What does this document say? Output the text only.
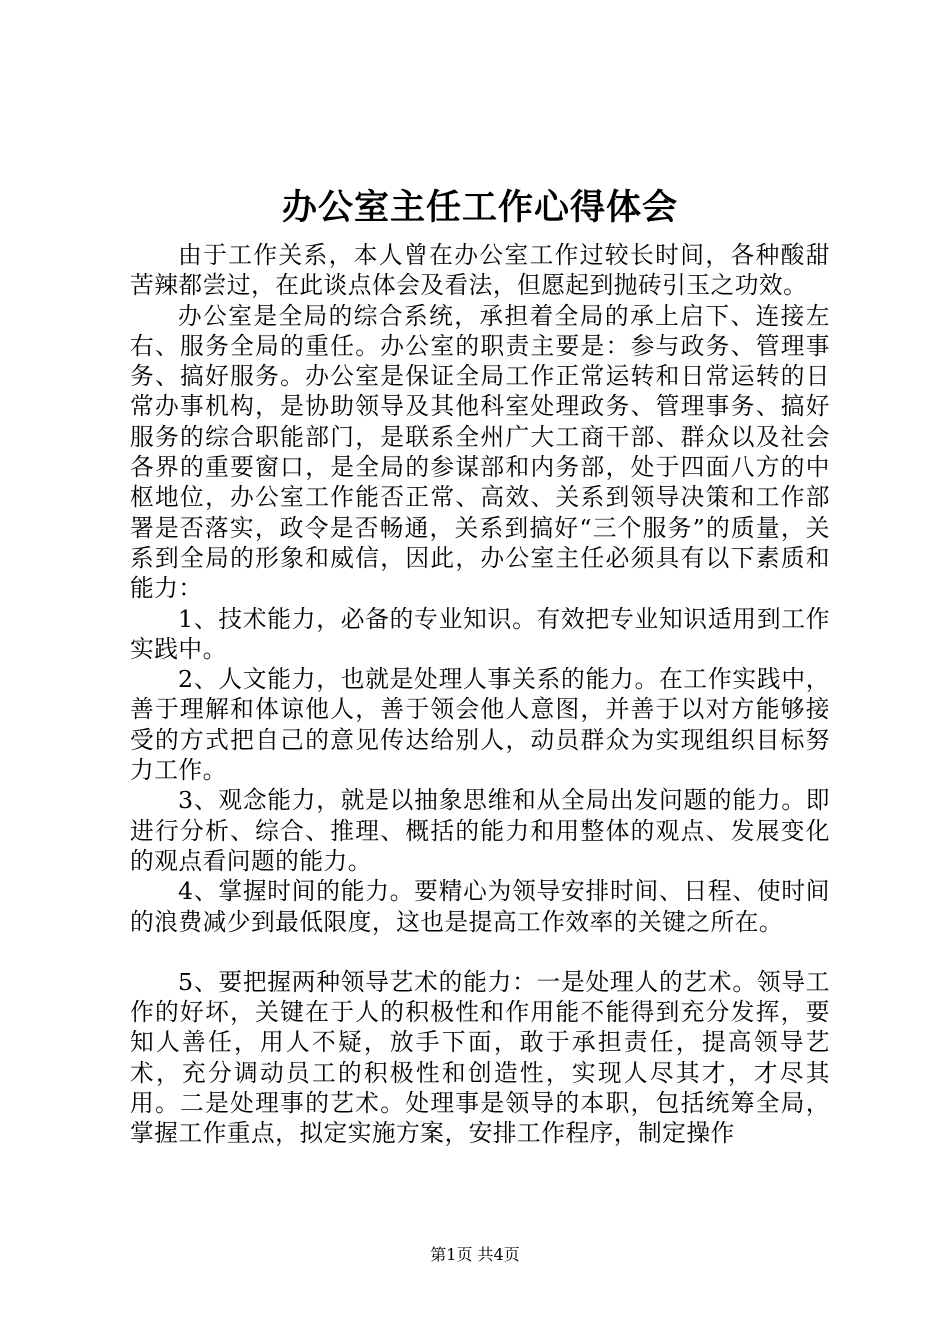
办公室主任工作心得体会

由于工作关系，本人曾在办公室工作过较长时间，各种酸甜苦辣都尝过，在此谈点体会及看法，但愿起到抛砖引玉之功效。

办公室是全局的综合系统，承担着全局的承上启下、连接左右、服务全局的重任。办公室的职责主要是：参与政务、管理事务、搞好服务。办公室是保证全局工作正常运转和日常运转的日常办事机构，是协助领导及其他科室处理政务、管理事务、搞好服务的综合职能部门，是联系全州广大工商干部、群众以及社会各界的重要窗口，是全局的参谋部和内务部，处于四面八方的中枢地位，办公室工作能否正常、高效、关系到领导决策和工作部署是否落实，政令是否畅通，关系到搞好“三个服务”的质量，关系到全局的形象和威信，因此，办公室主任必须具有以下素质和能力：

1、技术能力，必备的专业知识。有效把专业知识适用到工作实践中。

2、人文能力，也就是处理人事关系的能力。在工作实践中，善于理解和体谅他人，善于领会他人意图，并善于以对方能够接受的方式把自己的意见传达给别人，动员群众为实现组织目标努力工作。

3、观念能力，就是以抽象思维和从全局出发问题的能力。即进行分析、综合、推理、概括的能力和用整体的观点、发展变化的观点看问题的能力。

4、掌握时间的能力。要精心为领导安排时间、日程、使时间的浪费减少到最低限度，这也是提高工作效率的关键之所在。

5、要把握两种领导艺术的能力：一是处理人的艺术。领导工作的好坏，关键在于人的积极性和作用能不能得到充分发挥，要知人善任，用人不疑，放手下面，敢于承担责任，提高领导艺术，充分调动员工的积极性和创造性，实现人尽其才，才尽其用。二是处理事的艺术。处理事是领导的本职，包括统筹全局，掌握工作重点，拟定实施方案，安排工作程序，制定操作

第1页 共4页
